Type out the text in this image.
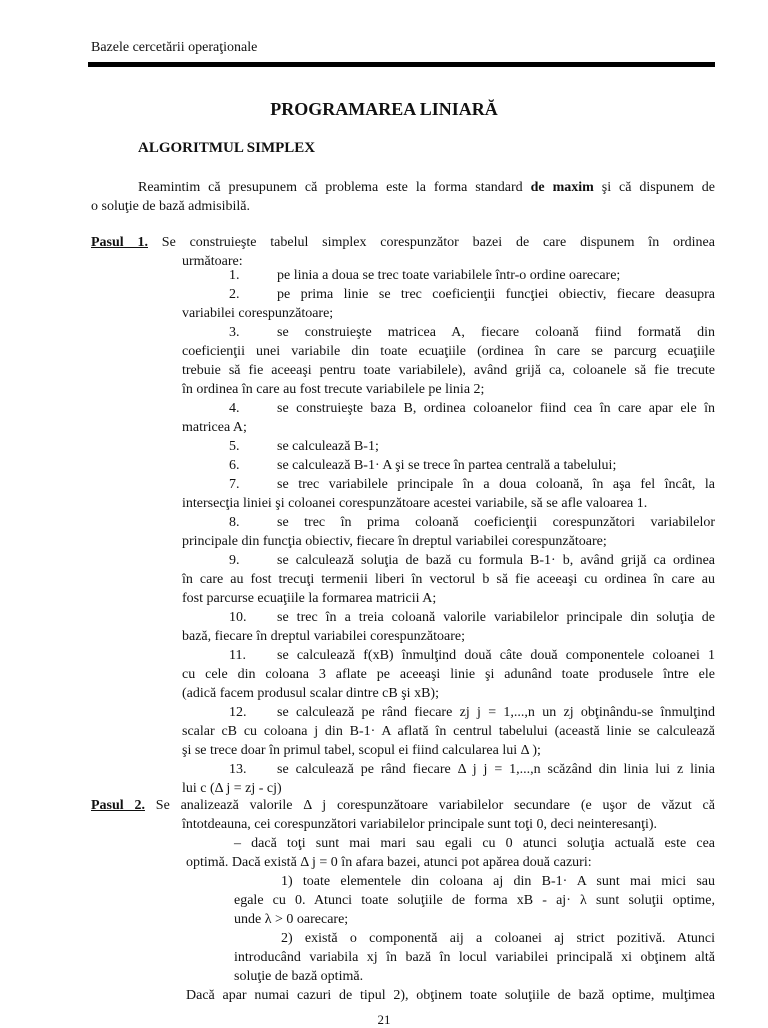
Bazele cercetării operaţionale
PROGRAMAREA LINIARĂ
ALGORITMUL SIMPLEX
Reamintim că presupunem că problema este la forma standard de maxim şi că dispunem de
o soluţie de bază admisibilă.
Pasul 1. Se construieşte tabelul simplex corespunzător bazei de care dispunem în ordinea
următoare:
1.	pe linia a doua se trec toate variabilele într-o ordine oarecare;
2.	pe prima linie se trec coeficienţii funcţiei obiectiv, fiecare deasupra
variabilei corespunzătoare;
3.	se construieşte matricea A, fiecare coloană fiind formată din
coeficienţii unei variabile din toate ecuaţiile (ordinea în care se parcurg ecuaţiile
trebuie să fie aceeaşi pentru toate variabilele), având grijă ca, coloanele să fie trecute
în ordinea în care au fost trecute variabilele pe linia 2;
4.	se construieşte baza B, ordinea coloanelor fiind cea în care apar ele în
matricea A;
5.	se calculează B-1;
6.	se calculează B-1· A şi se trece în partea centrală a tabelului;
7.	se trec variabilele principale în a doua coloană, în aşa fel încât, la
intersecţia liniei şi coloanei corespunzătoare acestei variabile, să se afle valoarea 1.
8.	se trec în prima coloană coeficienţii corespunzători variabilelor
principale din funcţia obiectiv, fiecare în dreptul variabilei corespunzătoare;
9.	se calculează soluţia de bază cu formula B-1· b, având grijă ca ordinea
în care au fost trecuţi termenii liberi în vectorul b să fie aceeaşi cu ordinea în care au
fost parcurse ecuaţiile la formarea matricii A;
10. se trec în a treia coloană valorile variabilelor principale din soluţia de
bază, fiecare în dreptul variabilei corespunzătoare;
11. se calculează f(xB) înmulţind două câte două componentele coloanei 1
cu cele din coloana 3 aflate pe aceeaşi linie şi adunând toate produsele între ele
(adică facem produsul scalar dintre cB şi xB);
12. se calculează pe rând fiecare zj j = 1,...,n un zj obţinându-se înmulţind
scalar cB cu coloana j din B-1· A aflată în centrul tabelului (această linie se calculează
şi se trece doar în primul tabel, scopul ei fiind calcularea lui Δ );
13. se calculează pe rând fiecare Δ j j = 1,...,n scăzând din linia lui z linia
lui c (Δ j = zj - cj)
Pasul 2. Se analizează valorile Δ j corespunzătoare variabilelor secundare (e uşor de văzut că
întotdeauna, cei corespunzători variabilelor principale sunt toţi 0, deci neinteresanţi).
– dacă toţi sunt mai mari sau egali cu 0 atunci soluţia actuală este cea
optimă. Dacă există Δ j = 0 în afara bazei, atunci pot apărea două cazuri:
1) toate elementele din coloana aj din B-1· A sunt mai mici sau
egale cu 0. Atunci toate soluţiile de forma xB - aj· λ sunt soluţii optime,
unde λ > 0 oarecare;
2) există o componentă aij a coloanei aj strict pozitivă. Atunci
introducând variabila xj în bază în locul variabilei principală xi obţinem altă
soluţie de bază optimă.
Dacă apar numai cazuri de tipul 2), obţinem toate soluţiile de bază optime, mulţimea
21
